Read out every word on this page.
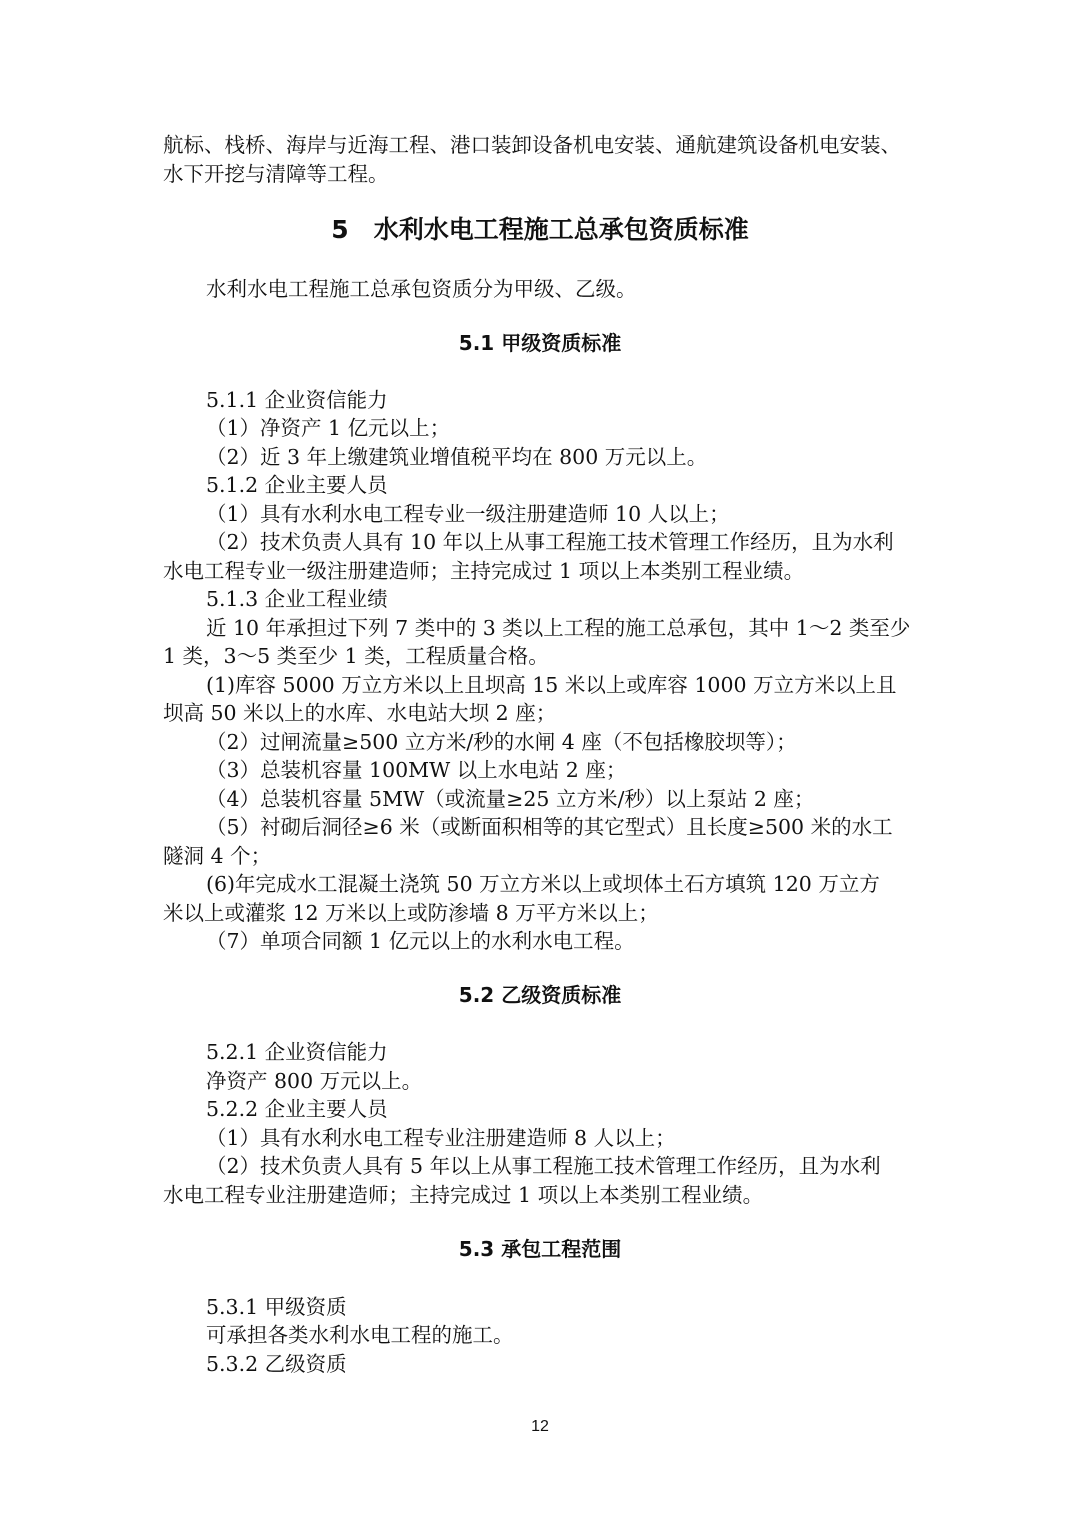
航标、栈桥、海岸与近海工程、港口装卸设备机电安装、通航建筑设备机电安装、
水下开挖与清障等工程。
5　水利水电工程施工总承包资质标准
水利水电工程施工总承包资质分为甲级、乙级。
5.1 甲级资质标准
5.1.1 企业资信能力
（1）净资产 1 亿元以上；
（2）近 3 年上缴建筑业增值税平均在 800 万元以上。
5.1.2 企业主要人员
（1）具有水利水电工程专业一级注册建造师 10 人以上；
（2）技术负责人具有 10 年以上从事工程施工技术管理工作经历，且为水利
水电工程专业一级注册建造师；主持完成过 1 项以上本类别工程业绩。
5.1.3 企业工程业绩
近 10 年承担过下列 7 类中的 3 类以上工程的施工总承包，其中 1～2 类至少
1 类，3～5 类至少 1 类，工程质量合格。
(1)库容 5000 万立方米以上且坝高 15 米以上或库容 1000 万立方米以上且
坝高 50 米以上的水库、水电站大坝 2 座；
（2）过闸流量≥500 立方米/秒的水闸 4 座（不包括橡胶坝等）；
（3）总装机容量 100MW 以上水电站 2 座；
（4）总装机容量 5MW（或流量≥25 立方米/秒）以上泵站 2 座；
（5）衬砌后洞径≥6 米（或断面积相等的其它型式）且长度≥500 米的水工
隧洞 4 个；
(6)年完成水工混凝土浇筑 50 万立方米以上或坝体土石方填筑 120 万立方
米以上或灌浆 12 万米以上或防渗墙 8 万平方米以上；
（7）单项合同额 1 亿元以上的水利水电工程。
5.2 乙级资质标准
5.2.1 企业资信能力
净资产 800 万元以上。
5.2.2 企业主要人员
（1）具有水利水电工程专业注册建造师 8 人以上；
（2）技术负责人具有 5 年以上从事工程施工技术管理工作经历，且为水利
水电工程专业注册建造师；主持完成过 1 项以上本类别工程业绩。
5.3 承包工程范围
5.3.1 甲级资质
可承担各类水利水电工程的施工。
5.3.2 乙级资质
12
